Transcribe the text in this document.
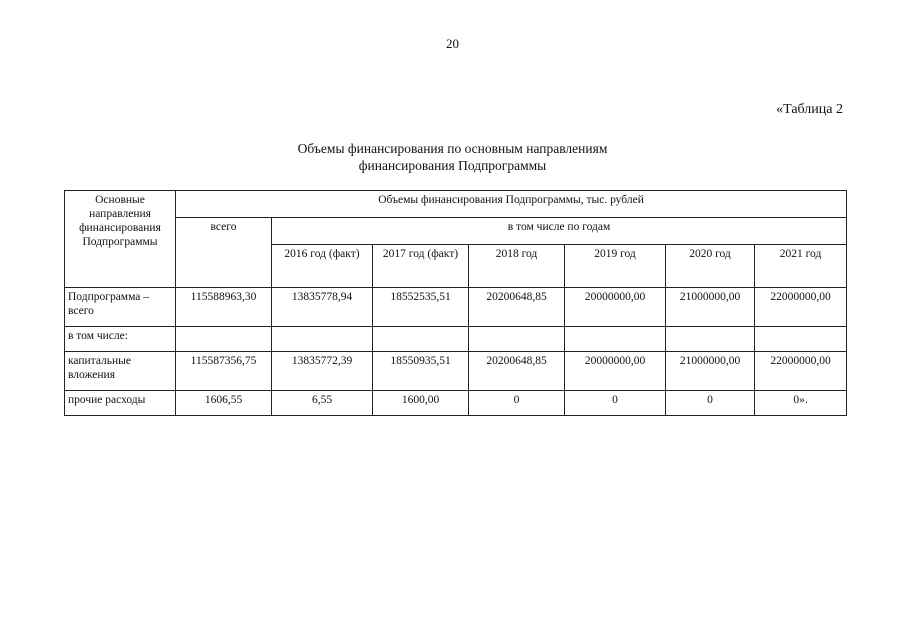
20
«Таблица 2
Объемы финансирования по основным направлениям
финансирования Подпрограммы
Основные направления финансирования Подпрограммы	Объемы финансирования Подпрограммы, тыс. рублей						
	всего	в том числе по годам					
		2016 год (факт)	2017 год (факт)	2018 год	2019 год	2020 год	2021 год
Подпрограмма – всего	115588963,30	13835778,94	18552535,51	20200648,85	20000000,00	21000000,00	22000000,00
в том числе:							
капитальные вложения	115587356,75	13835772,39	18550935,51	20200648,85	20000000,00	21000000,00	22000000,00
прочие расходы	1606,55	6,55	1600,00	0	0	0	0».
